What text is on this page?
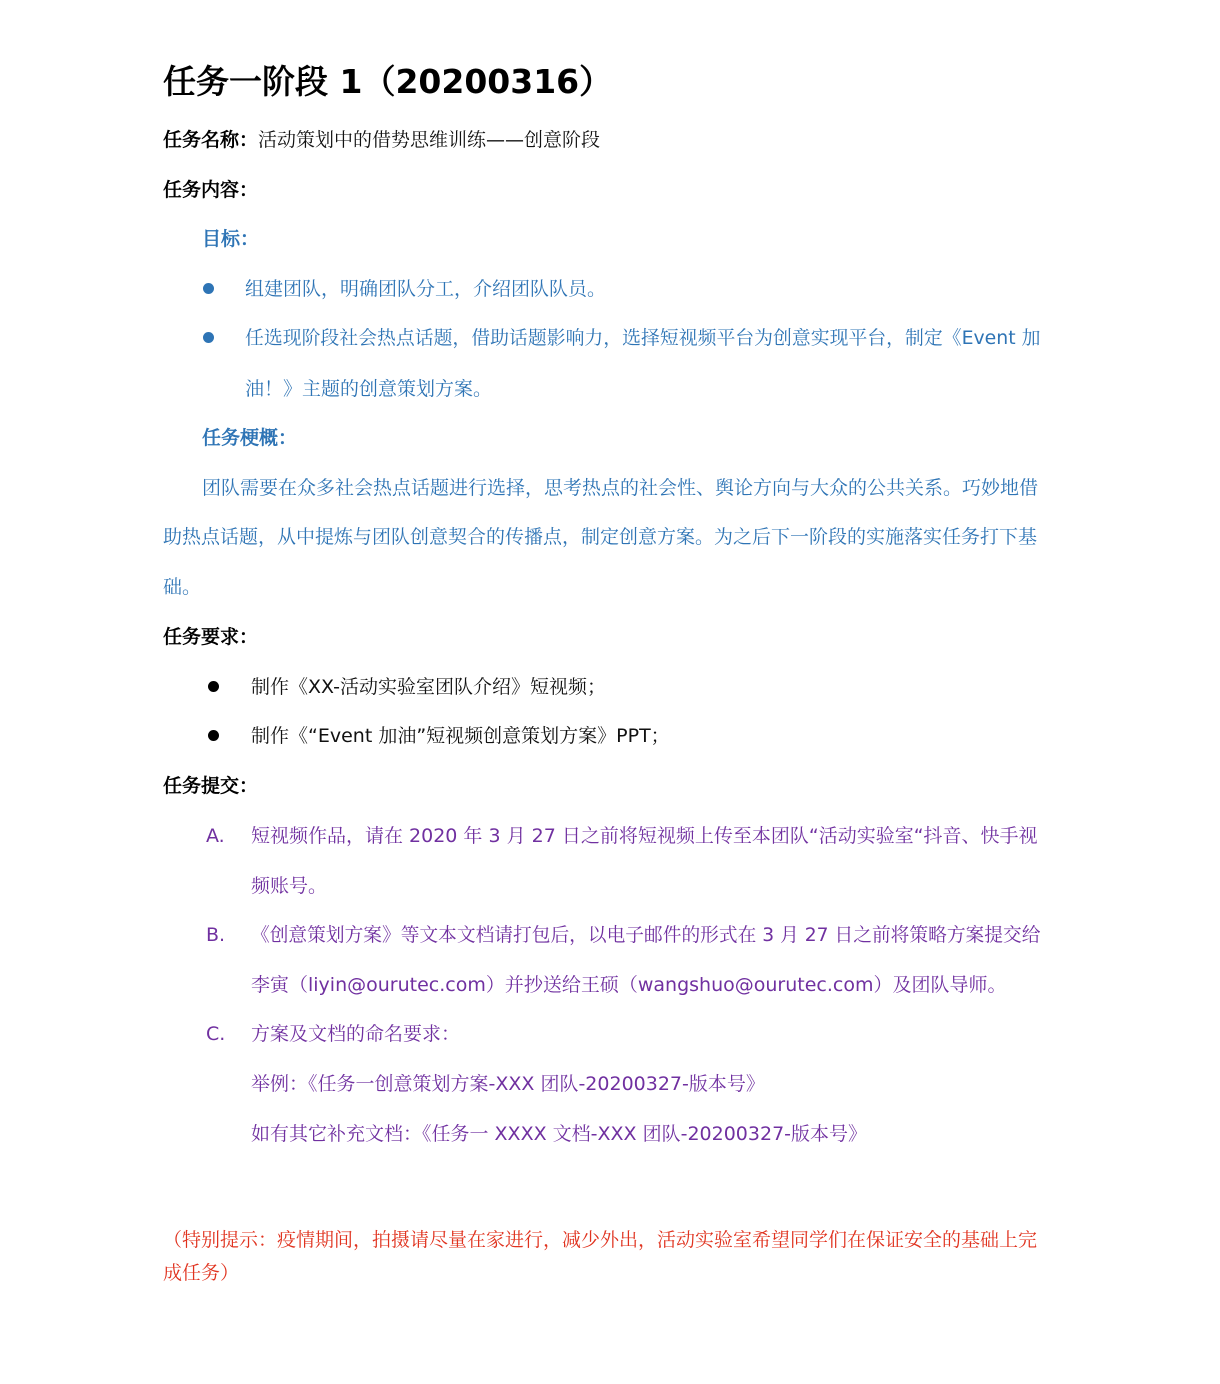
任务一阶段 1（20200316）
任务名称：活动策划中的借势思维训练——创意阶段
任务内容：
目标：
组建团队，明确团队分工，介绍团队队员。
任选现阶段社会热点话题，借助话题影响力，选择短视频平台为创意实现平台，制定《Event 加
油！》主题的创意策划方案。
任务梗概：
团队需要在众多社会热点话题进行选择，思考热点的社会性、舆论方向与大众的公共关系。巧妙地借
助热点话题，从中提炼与团队创意契合的传播点，制定创意方案。为之后下一阶段的实施落实任务打下基
础。
任务要求：
制作《XX-活动实验室团队介绍》短视频；
制作《“Event 加油”短视频创意策划方案》PPT；
任务提交：
A. 短视频作品，请在 2020 年 3 月 27 日之前将短视频上传至本团队“活动实验室“抖音、快手视
频账号。
B. 《创意策划方案》等文本文档请打包后，以电子邮件的形式在 3 月 27 日之前将策略方案提交给
李寅（liyin@ourutec.com）并抄送给王硕（wangshuo@ourutec.com）及团队导师。
C. 方案及文档的命名要求：
举例：《任务一创意策划方案-XXX 团队-20200327-版本号》
如有其它补充文档：《任务一 XXXX 文档-XXX 团队-20200327-版本号》
（特别提示：疫情期间，拍摄请尽量在家进行，减少外出，活动实验室希望同学们在保证安全的基础上完
成任务）
